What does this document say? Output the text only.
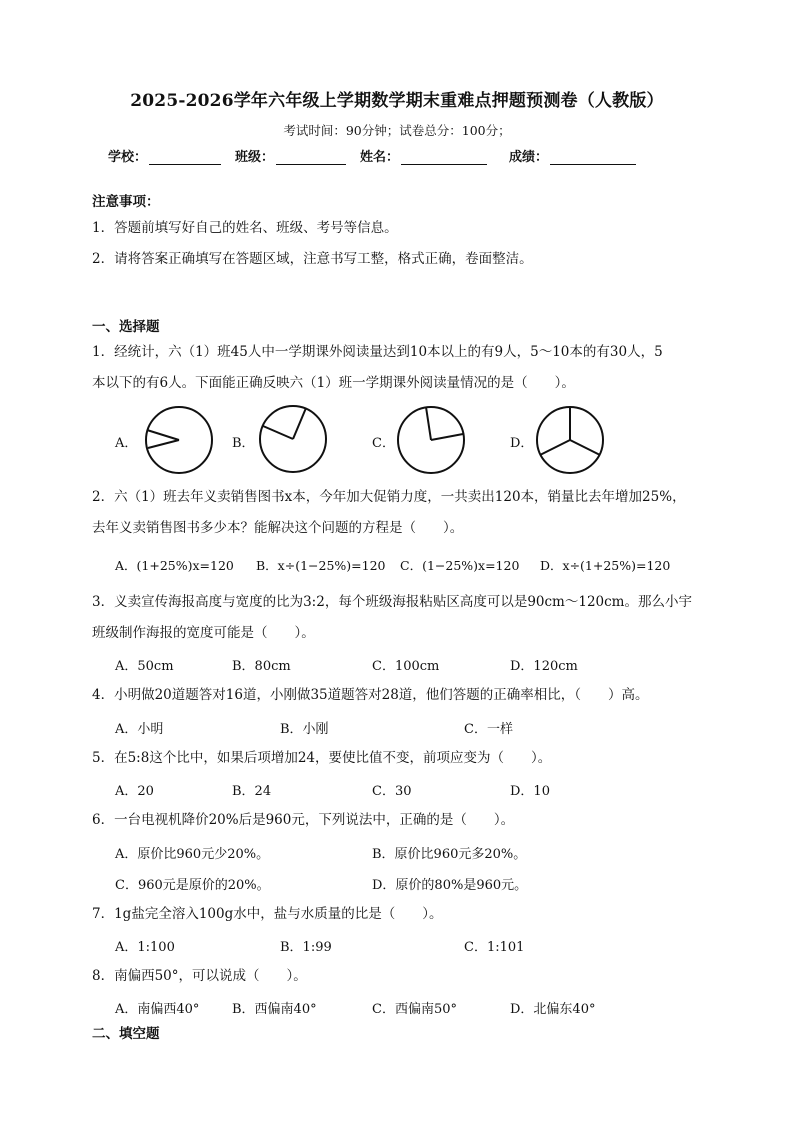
2025-2026学年六年级上学期数学期末重难点押题预测卷（人教版）
考试时间：90分钟；试卷总分：100分；
学校：	班级：	姓名：	成绩：
注意事项：
1．答题前填写好自己的姓名、班级、考号等信息。
2．请将答案正确填写在答题区域，注意书写工整，格式正确，卷面整洁。
一、选择题
1．经统计，六（1）班45人中一学期课外阅读量达到10本以上的有9人，5～10本的有30人，5
本以下的有6人。下面能正确反映六（1）班一学期课外阅读量情况的是（　　）。
A．	B．	C．	D．
2．六（1）班去年义卖销售图书x本，今年加大促销力度，一共卖出120本，销量比去年增加25%，
去年义卖销售图书多少本？能解决这个问题的方程是（　　）。
A．(1+25%)x=120 B．x÷(1−25%)=120 C．(1−25%)x=120 D．x÷(1+25%)=120
3．义卖宣传海报高度与宽度的比为3:2，每个班级海报粘贴区高度可以是90cm～120cm。那么小宇
班级制作海报的宽度可能是（　　）。
A．50cm	B．80cm	C．100cm	D．120cm
4．小明做20道题答对16道，小刚做35道题答对28道，他们答题的正确率相比，（　　）高。
A．小明	B．小刚	C．一样
5．在5:8这个比中，如果后项增加24，要使比值不变，前项应变为（　　）。
A．20	B．24	C．30	D．10
6．一台电视机降价20%后是960元，下列说法中，正确的是（　　）。
A．原价比960元少20%。	B．原价比960元多20%。
C．960元是原价的20%。	D．原价的80%是960元。
7．1g盐完全溶入100g水中，盐与水质量的比是（　　）。
A．1:100	B．1:99	C．1:101
8．南偏西50°，可以说成（　　）。
A．南偏西40°	B．西偏南40°	C．西偏南50°	D．北偏东40°
二、填空题
